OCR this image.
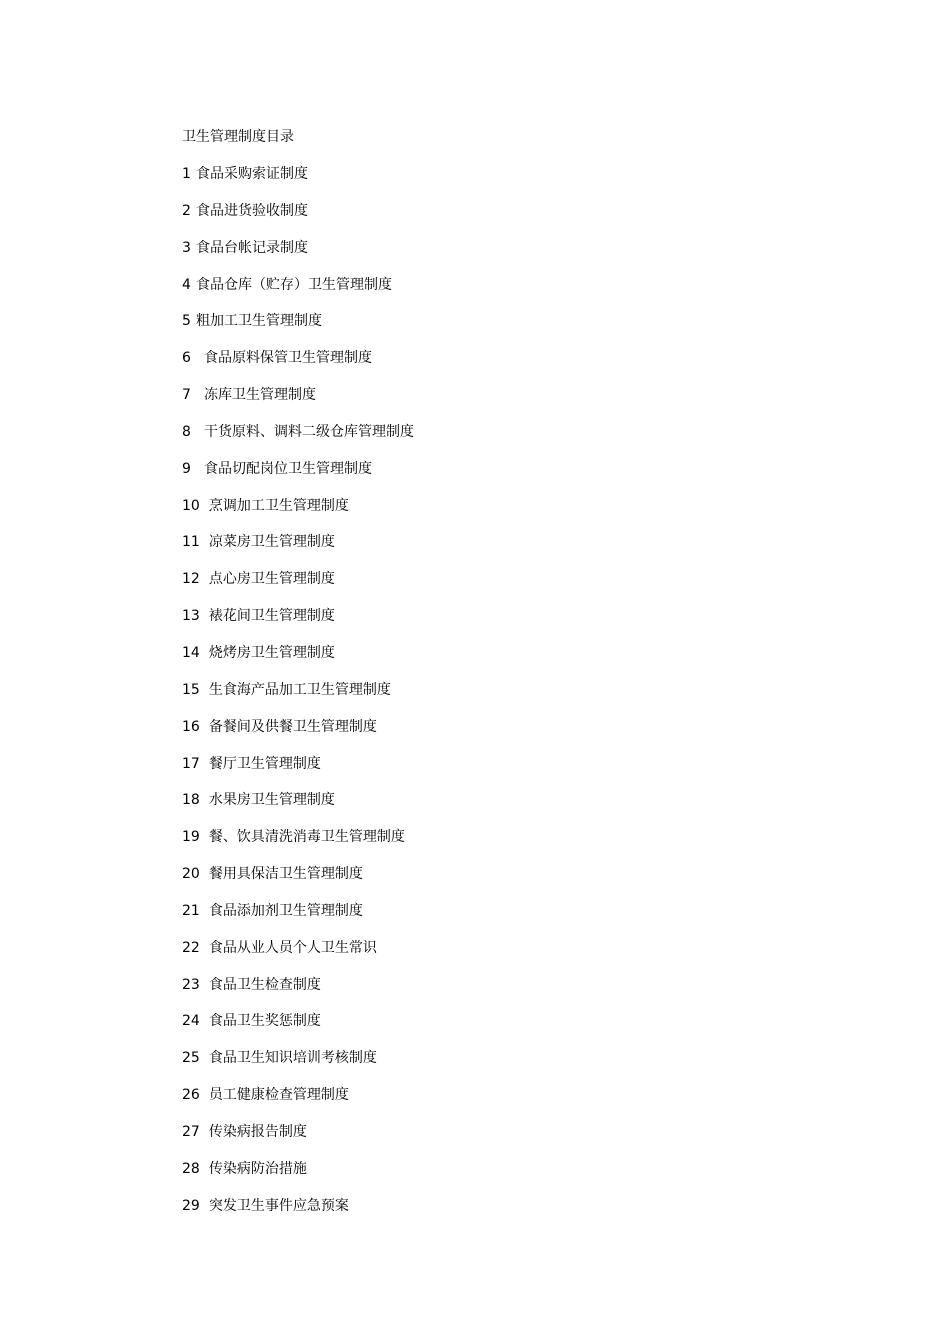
卫生管理制度目录
1 食品采购索证制度
2 食品进货验收制度
3 食品台帐记录制度
4 食品仓库（贮存）卫生管理制度
5 粗加工卫生管理制度
6 食品原料保管卫生管理制度
7 冻库卫生管理制度
8 干货原料、调料二级仓库管理制度
9 食品切配岗位卫生管理制度
10 烹调加工卫生管理制度
11 凉菜房卫生管理制度
12 点心房卫生管理制度
13 裱花间卫生管理制度
14 烧烤房卫生管理制度
15 生食海产品加工卫生管理制度
16 备餐间及供餐卫生管理制度
17 餐厅卫生管理制度
18 水果房卫生管理制度
19 餐、饮具清洗消毒卫生管理制度
20 餐用具保洁卫生管理制度
21 食品添加剂卫生管理制度
22 食品从业人员个人卫生常识
23 食品卫生检查制度
24 食品卫生奖惩制度
25 食品卫生知识培训考核制度
26 员工健康检查管理制度
27 传染病报告制度
28 传染病防治措施
29 突发卫生事件应急预案
